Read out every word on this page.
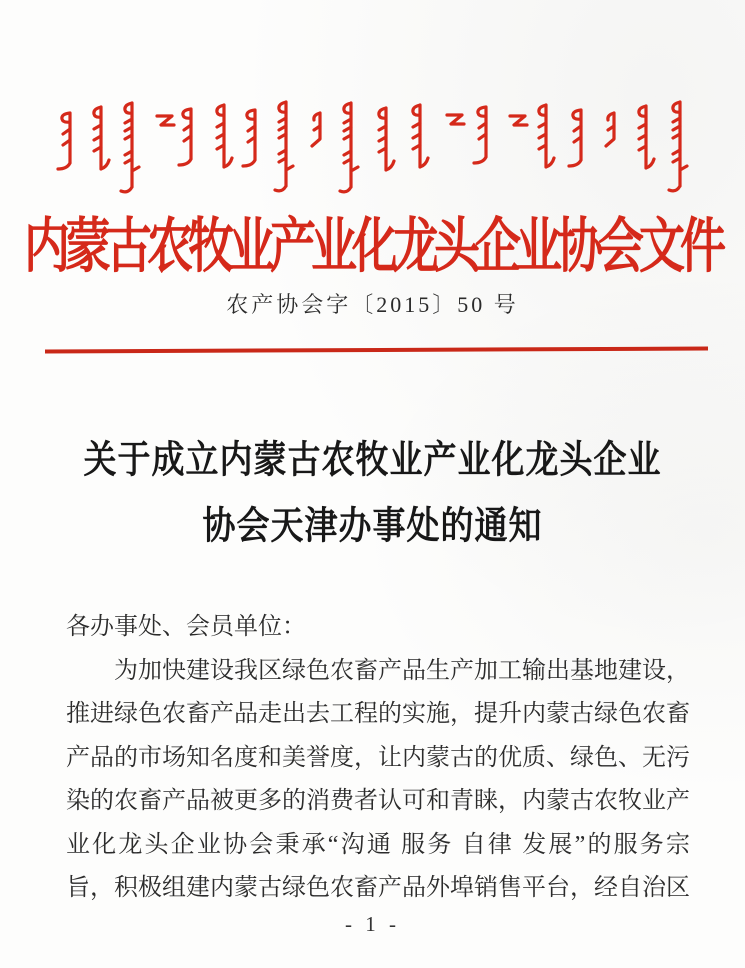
内蒙古农牧业产业化龙头企业协会文件
农产协会字〔2015〕50 号
关于成立内蒙古农牧业产业化龙头企业
协会天津办事处的通知
各办事处、会员单位：
为加快建设我区绿色农畜产品生产加工输出基地建设，
推进绿色农畜产品走出去工程的实施，提升内蒙古绿色农畜
产品的市场知名度和美誉度，让内蒙古的优质、绿色、无污
染的农畜产品被更多的消费者认可和青睐，内蒙古农牧业产
业化龙头企业协会秉承“沟通 服务 自律 发展”的服务宗
旨，积极组建内蒙古绿色农畜产品外埠销售平台，经自治区
- 1 -
